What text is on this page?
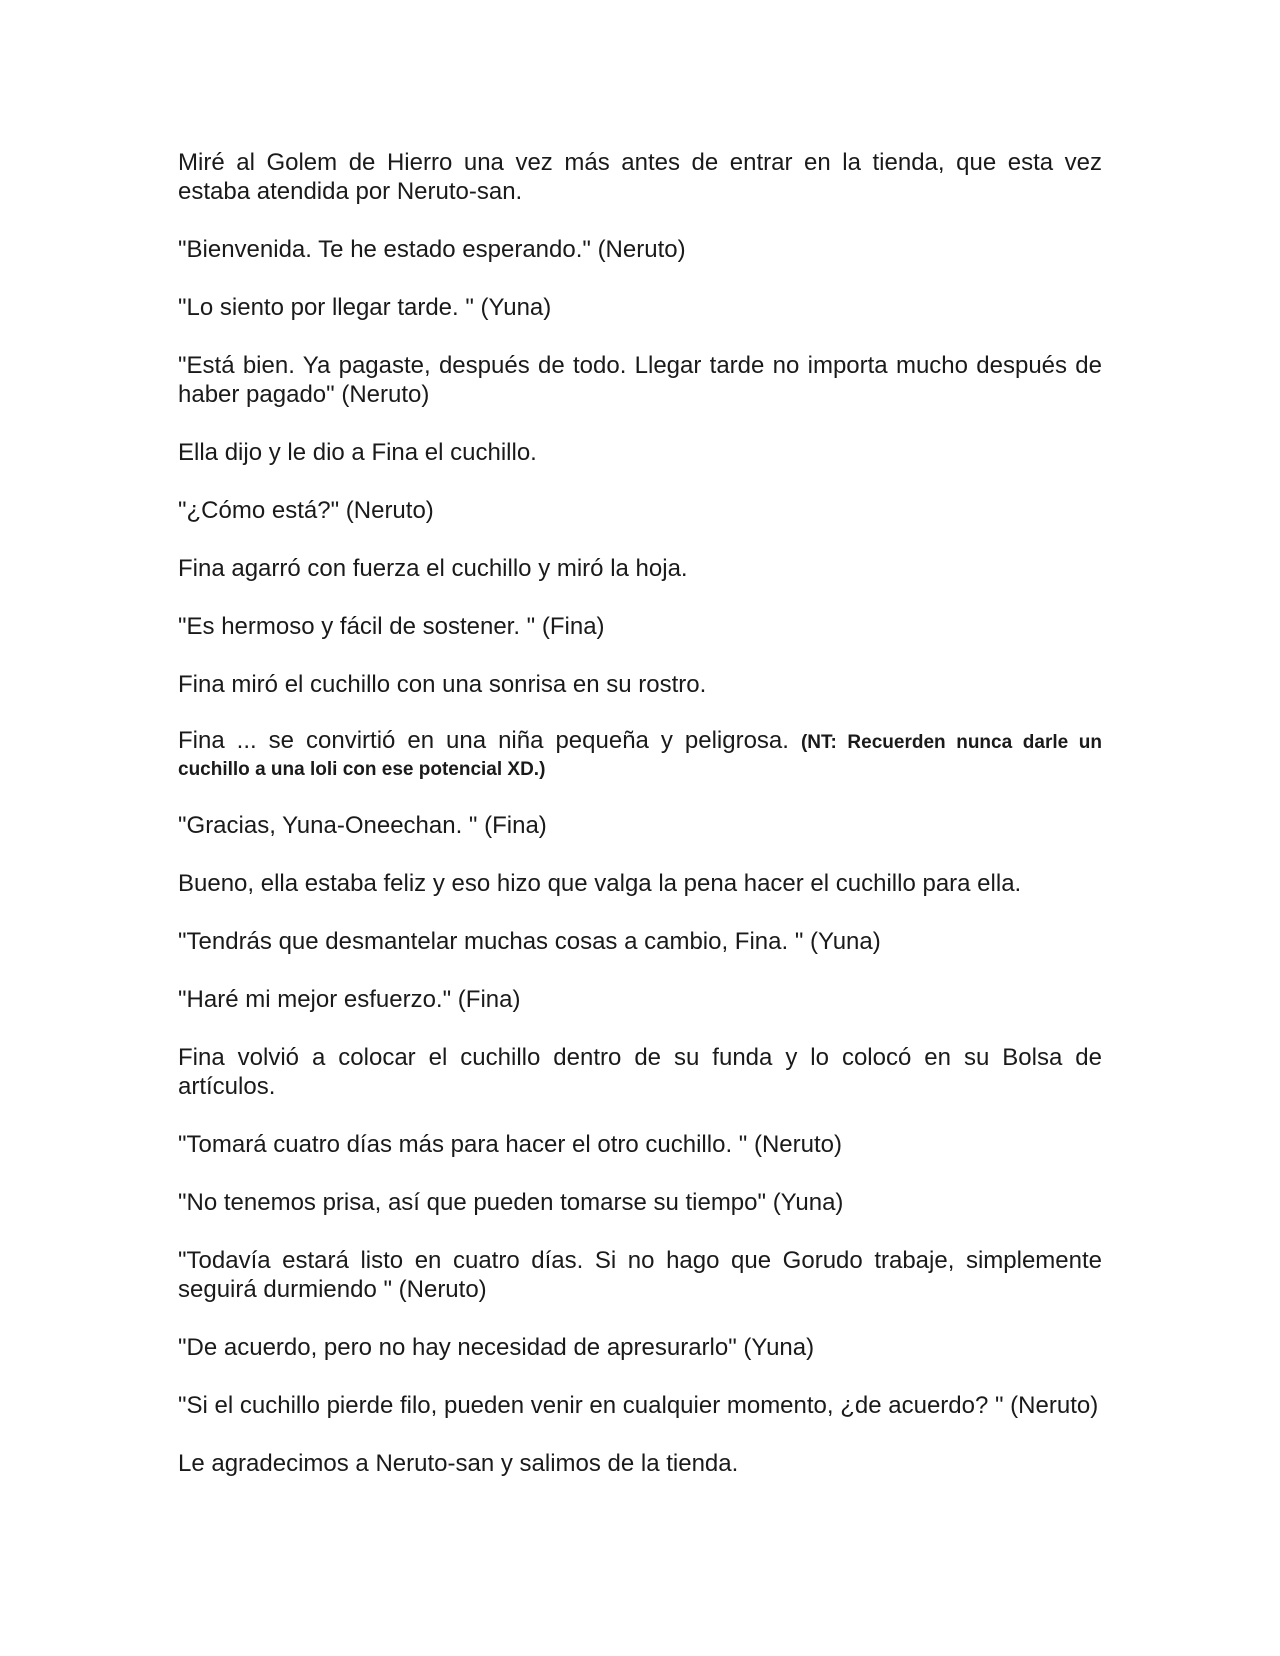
Miré al Golem de Hierro una vez más antes de entrar en la tienda, que esta vez estaba atendida por Neruto-san.

"Bienvenida. Te he estado esperando." (Neruto)

"Lo siento por llegar tarde. " (Yuna)

"Está bien. Ya pagaste, después de todo. Llegar tarde no importa mucho después de haber pagado" (Neruto)

Ella dijo y le dio a Fina el cuchillo.

"¿Cómo está?" (Neruto)

Fina agarró con fuerza el cuchillo y miró la hoja.

"Es hermoso y fácil de sostener. " (Fina)

Fina miró el cuchillo con una sonrisa en su rostro.

Fina ... se convirtió en una niña pequeña y peligrosa. (NT: Recuerden nunca darle un cuchillo a una loli con ese potencial XD.)

"Gracias, Yuna-Oneechan. " (Fina)

Bueno, ella estaba feliz y eso hizo que valga la pena hacer el cuchillo para ella.

"Tendrás que desmantelar muchas cosas a cambio, Fina. " (Yuna)

"Haré mi mejor esfuerzo." (Fina)

Fina volvió a colocar el cuchillo dentro de su funda y lo colocó en su Bolsa de artículos.

"Tomará cuatro días más para hacer el otro cuchillo. " (Neruto)

"No tenemos prisa, así que pueden tomarse su tiempo" (Yuna)

"Todavía estará listo en cuatro días. Si no hago que Gorudo trabaje, simplemente seguirá durmiendo " (Neruto)

"De acuerdo, pero no hay necesidad de apresurarlo" (Yuna)

"Si el cuchillo pierde filo, pueden venir en cualquier momento, ¿de acuerdo? " (Neruto)

Le agradecimos a Neruto-san y salimos de la tienda.
